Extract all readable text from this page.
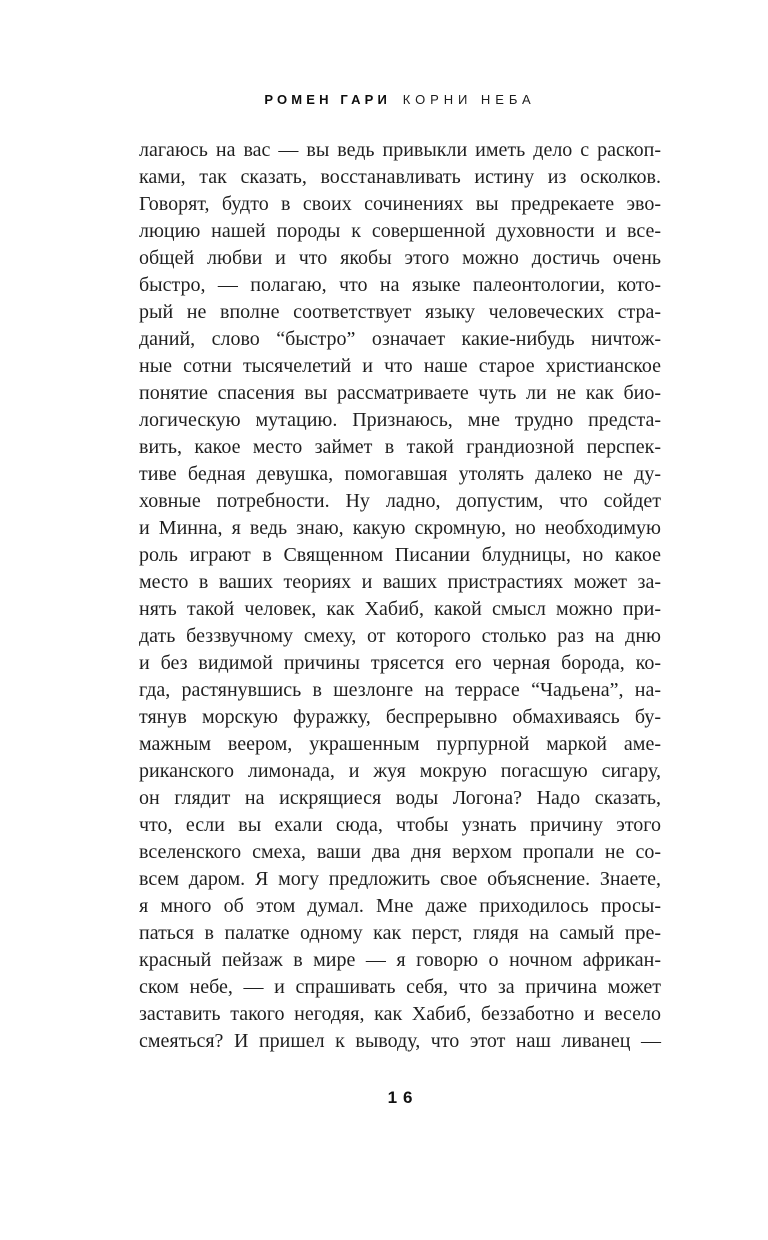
РОМЕН ГАРИ КОРНИ НЕБА
лагаюсь на вас — вы ведь привыкли иметь дело с раскоп-
ками, так сказать, восстанавливать истину из осколков.
Говорят, будто в своих сочинениях вы предрекаете эво-
люцию нашей породы к совершенной духовности и все-
общей любви и что якобы этого можно достичь очень
быстро, — полагаю, что на языке палеонтологии, кото-
рый не вполне соответствует языку человеческих стра-
даний, слово “быстро” означает какие-нибудь ничтож-
ные сотни тысячелетий и что наше старое христианское
понятие спасения вы рассматриваете чуть ли не как био-
логическую мутацию. Признаюсь, мне трудно предста-
вить, какое место займет в такой грандиозной перспек-
тиве бедная девушка, помогавшая утолять далеко не ду-
ховные потребности. Ну ладно, допустим, что сойдет
и Минна, я ведь знаю, какую скромную, но необходимую
роль играют в Священном Писании блудницы, но какое
место в ваших теориях и ваших пристрастиях может за-
нять такой человек, как Хабиб, какой смысл можно при-
дать беззвучному смеху, от которого столько раз на дню
и без видимой причины трясется его черная борода, ко-
гда, растянувшись в шезлонге на террасе “Чадьена”, на-
тянув морскую фуражку, беспрерывно обмахиваясь бу-
мажным веером, украшенным пурпурной маркой аме-
риканского лимонада, и жуя мокрую погасшую сигару,
он глядит на искрящиеся воды Логона? Надо сказать,
что, если вы ехали сюда, чтобы узнать причину этого
вселенского смеха, ваши два дня верхом пропали не со-
всем даром. Я могу предложить свое объяснение. Знаете,
я много об этом думал. Мне даже приходилось просы-
паться в палатке одному как перст, глядя на самый пре-
красный пейзаж в мире — я говорю о ночном африкан-
ском небе, — и спрашивать себя, что за причина может
заставить такого негодяя, как Хабиб, беззаботно и весело
смеяться? И пришел к выводу, что этот наш ливанец —
16
